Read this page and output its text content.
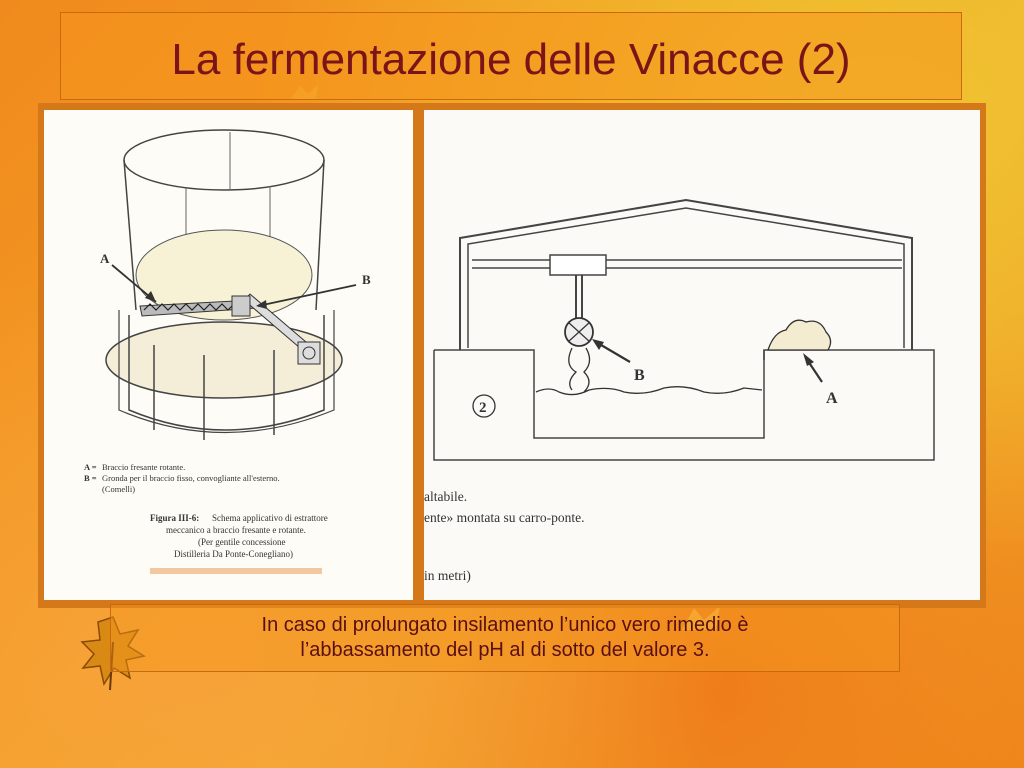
La fermentazione delle Vinacce (2)
A
B
A = Braccio fresante rotante.
B = Gronda per il braccio fisso, convogliante all'esterno.
(Comelli)
Figura III-6: Schema applicativo di estrattore
meccanico a braccio fresante e rotante.
(Per gentile concessione
Distilleria Da Ponte-Conegliano)
2
B
A
altabile.
ente» montata su carro-ponte.
in metri)
In caso di prolungato insilamento l’unico vero rimedio è
l’abbassamento del pH al di sotto del valore 3.
